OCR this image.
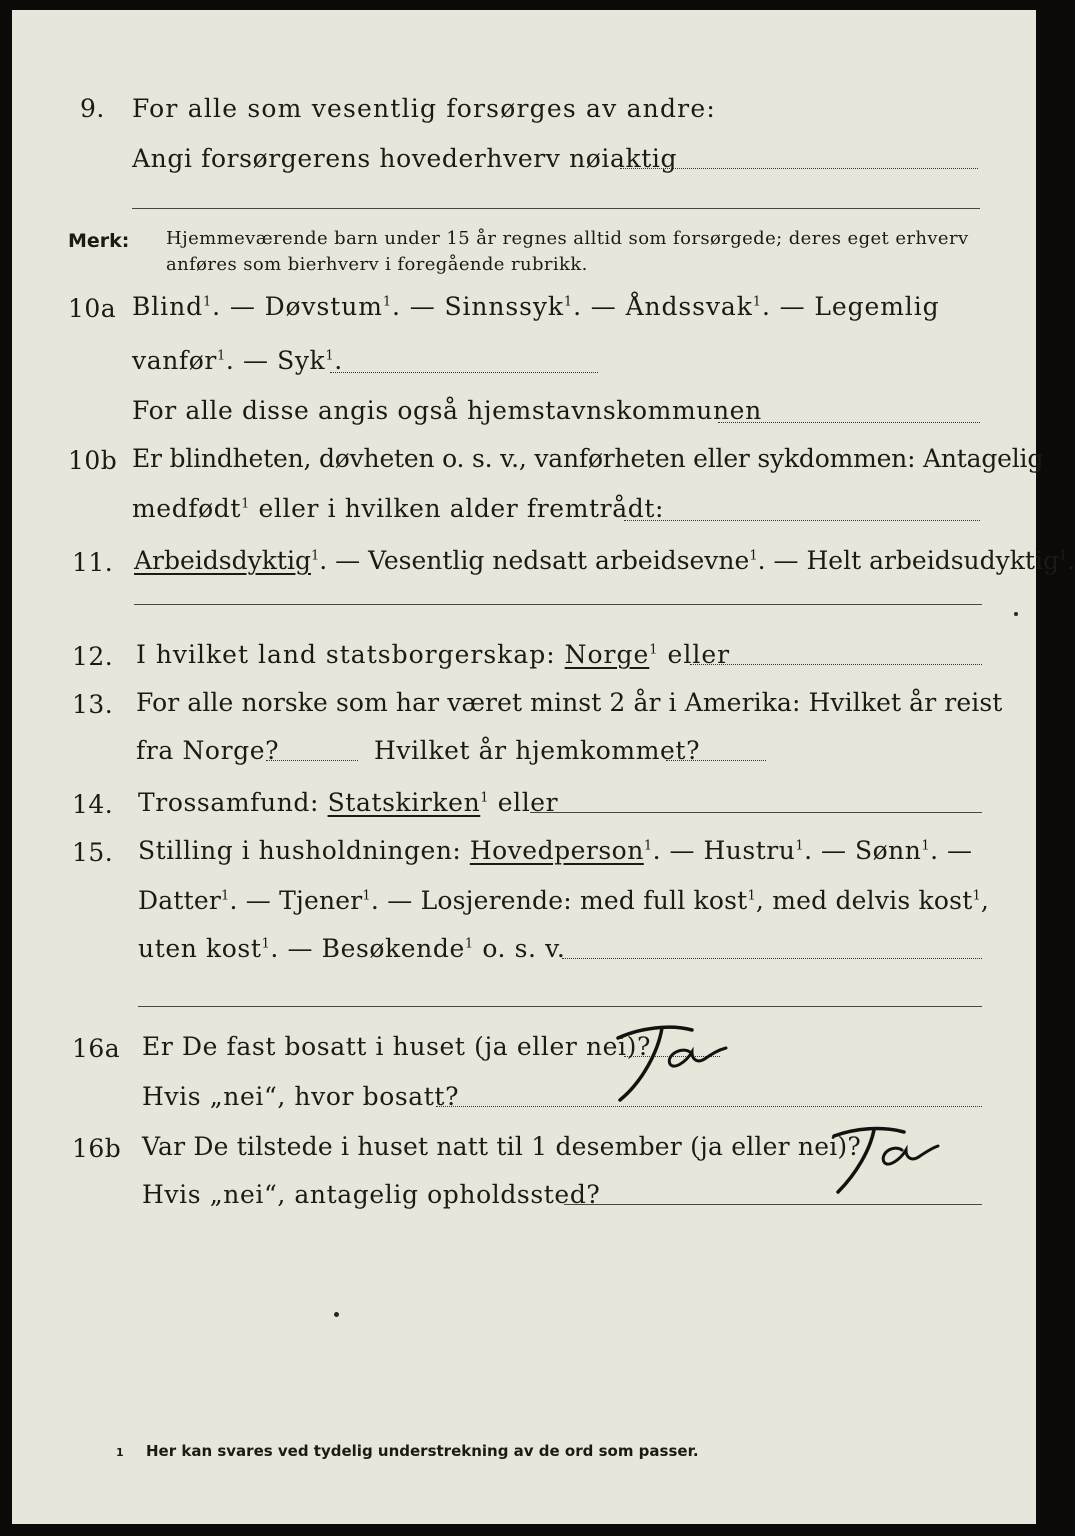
9. For alle som vesentlig forsørges av andre:
Angi forsørgerens hovederhverv nøiaktig
Merk: Hjemmeværende barn under 15 år regnes alltid som forsørgede; deres eget erhverv
anføres som bierhverv i foregående rubrikk.
10a Blind$^1$. — Døvstum$^1$. — Sinnssyk$^1$. — Åndssvak$^1$. — Legemlig
vanfør$^1$. — Syk$^1$.
For alle disse angis også hjemstavnskommunen
10b Er blindheten, døvheten o. s. v., vanførheten eller sykdommen: Antagelig
medfødt$^1$ eller i hvilken alder fremtrådt:
11. Arbeidsdyktig$^1$. — Vesentlig nedsatt arbeidsevne$^1$. — Helt arbeidsudyktig$^1$.
12. I hvilket land statsborgerskap: Norge$^1$ eller
13. For alle norske som har været minst 2 år i Amerika: Hvilket år reist
fra Norge?	Hvilket år hjemkommet?
14. Trossamfund: Statskirken$^1$ eller
15. Stilling i husholdningen: Hovedperson$^1$. — Hustru$^1$. — Sønn$^1$. —
Datter$^1$. — Tjener$^1$. — Losjerende: med full kost$^1$, med delvis kost$^1$,
uten kost$^1$. — Besøkende$^1$ o. s. v.
16a Er De fast bosatt i huset (ja eller nei)?
Hvis „nei“, hvor bosatt?
16b Var De tilstede i huset natt til 1 desember (ja eller nei)?
Hvis „nei“, antagelig opholdssted?
1 Her kan svares ved tydelig understrekning av de ord som passer.
